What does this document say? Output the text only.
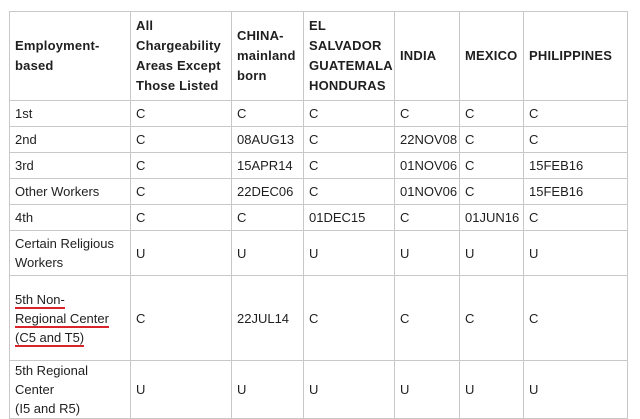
Employment-
based	All
Chargeability
Areas Except
Those Listed	CHINA-
mainland
born	EL
SALVADOR
GUATEMALA
HONDURAS	INDIA	MEXICO	PHILIPPINES
1st	C	C	C	C	C	C
2nd	C	08AUG13	C	22NOV08	C	C
3rd	C	15APR14	C	01NOV06	C	15FEB16
Other Workers	C	22DEC06	C	01NOV06	C	15FEB16
4th	C	C	01DEC15	C	01JUN16	C
Certain Religious
Workers	U	U	U	U	U	U
5th Non-
Regional Center
(C5 and T5)	C	22JUL14	C	C	C	C
5th Regional Center
(I5 and R5)	U	U	U	U	U	U
